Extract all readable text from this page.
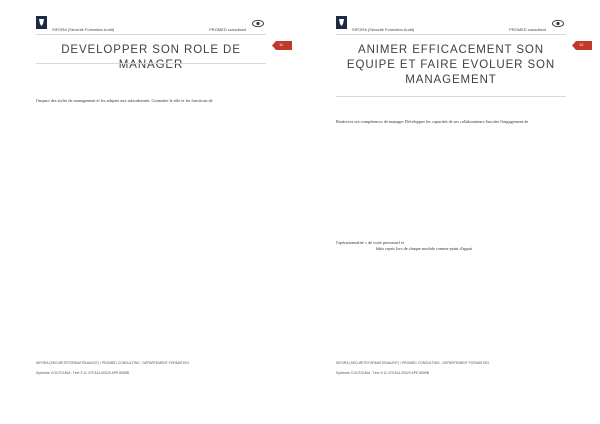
SIFORA (Sécurité Formation Audit)	PROMED consultant
DEVELOPPER SON ROLE DE MANAGER
11
l'impact des styles de management et les adapter aux subordonnés. Connaître le rôle et les fonctions de
SIFORA (SECURITEFORMATIONAUDIT) / PROMED CONSULTING : DEPARTEMENT FORMATION
Sylvestre COUTOUNA : Tirer 5 11 479 814-00029 APE 8559B
SIFORA (Sécurité Formation Audit)	PROMED consultant
ANIMER EFFICACEMENT SON EQUIPE ET FAIRE EVOLUER SON MANAGEMENT
12
Renforcer ses compétences de manager Développer les capacités de ses collaborateurs Susciter l'engagement de
l'opérationnalité » de votre personnel et
bâtis repris lors de chaque module comme point d'appui
SIFORA (SECURITEFORMATIONAUDIT) / PROMED CONSULTING : DEPARTEMENT FORMATION
Sylvestre COUTOUNA : Tirer 5 11 479 814-00029 APE 8559B
